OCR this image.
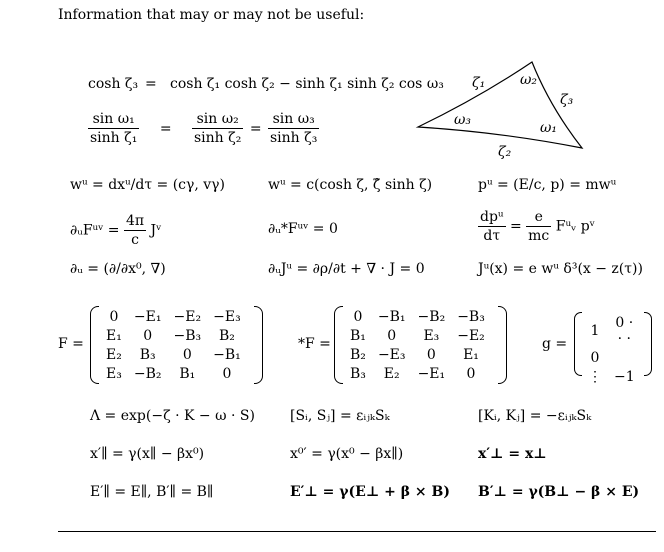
Information that may or may not be useful:
cosh ζ₃ = cosh ζ₁ cosh ζ₂ − sinh ζ₁ sinh ζ₂ cos ω₃
$\frac{\text{sin ω₁}}{\text{sinh ζ₁}} = \frac{\text{sin ω₂}}{\text{sinh ζ₂}} = \frac{\text{sin ω₃}}{\text{sinh ζ₃}}$
ζ₁ ω₂
ζ₃
ω₃	ω₁
ζ₂
wᵘ = dxᵘ/dτ = (cγ, vγ)	wᵘ = c(cosh ζ, ζ̂ sinh ζ)	pᵘ = (E/c, p) = mwᵘ
∂ᵤFᵘᵛ = $\frac{4\pi}{c}$ Jᵛ	∂ᵤ*Fᵘᵛ = 0	$\frac{\text{dpᵘ}}{d\tau} = \frac{e}{mc}$ Fᵘᵥ pᵛ
∂ᵤ = (∂/∂x⁰, ∇)	∂ᵤJᵘ = ∂ρ/∂t + ∇ · J = 0	Jᵘ(x) = e wᵘ δ³(x − z(τ))
F =
0	−E₁	−E₂	−E₃
E₁	0	−B₃	B₂
E₂	B₃	0	−B₁
E₃	−B₂	B₁	0
*F =
0	−B₁	−B₂	−B₃
B₁	0	E₃	−E₂
B₂	−E₃	0	E₁
B₃	E₂	−E₁	0
g =
1	0 · · ·
0	
⋮	−1
Λ = exp(−ζ · K − ω · S)	[Sᵢ, Sⱼ] = εᵢⱼₖSₖ	[Kᵢ, Kⱼ] = −εᵢⱼₖSₖ
x′∥ = γ(x∥ − βx⁰)	x⁰′ = γ(x⁰ − βx∥)	x′⊥ = x⊥
E′∥ = E∥, B′∥ = B∥	E′⊥ = γ(E⊥ + β × B) B′⊥ = γ(B⊥ − β × E)
